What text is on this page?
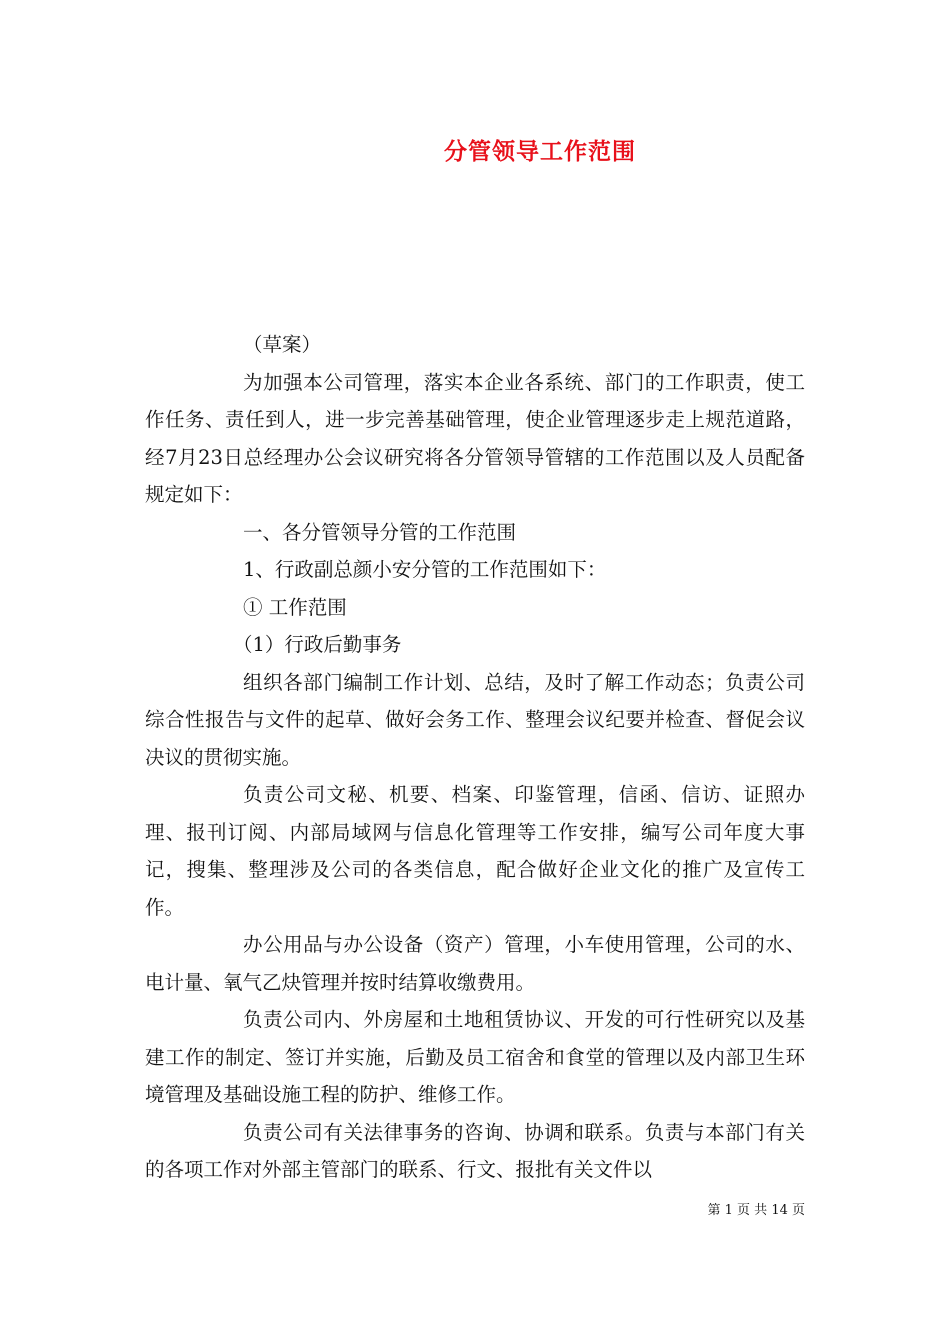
分管领导工作范围

（草案）

为加强本公司管理，落实本企业各系统、部门的工作职责，使工作任务、责任到人，进一步完善基础管理，使企业管理逐步走上规范道路，经7月23日总经理办公会议研究将各分管领导管辖的工作范围以及人员配备规定如下：

一、各分管领导分管的工作范围

1、行政副总颜小安分管的工作范围如下：

① 工作范围

（1）行政后勤事务

组织各部门编制工作计划、总结，及时了解工作动态；负责公司综合性报告与文件的起草、做好会务工作、整理会议纪要并检查、督促会议决议的贯彻实施。

负责公司文秘、机要、档案、印鉴管理，信函、信访、证照办理、报刊订阅、内部局域网与信息化管理等工作安排，编写公司年度大事记，搜集、整理涉及公司的各类信息，配合做好企业文化的推广及宣传工作。

办公用品与办公设备（资产）管理，小车使用管理，公司的水、电计量、氧气乙炔管理并按时结算收缴费用。

负责公司内、外房屋和土地租赁协议、开发的可行性研究以及基建工作的制定、签订并实施，后勤及员工宿舍和食堂的管理以及内部卫生环境管理及基础设施工程的防护、维修工作。

负责公司有关法律事务的咨询、协调和联系。负责与本部门有关的各项工作对外部主管部门的联系、行文、报批有关文件以

第 1 页 共 14 页
